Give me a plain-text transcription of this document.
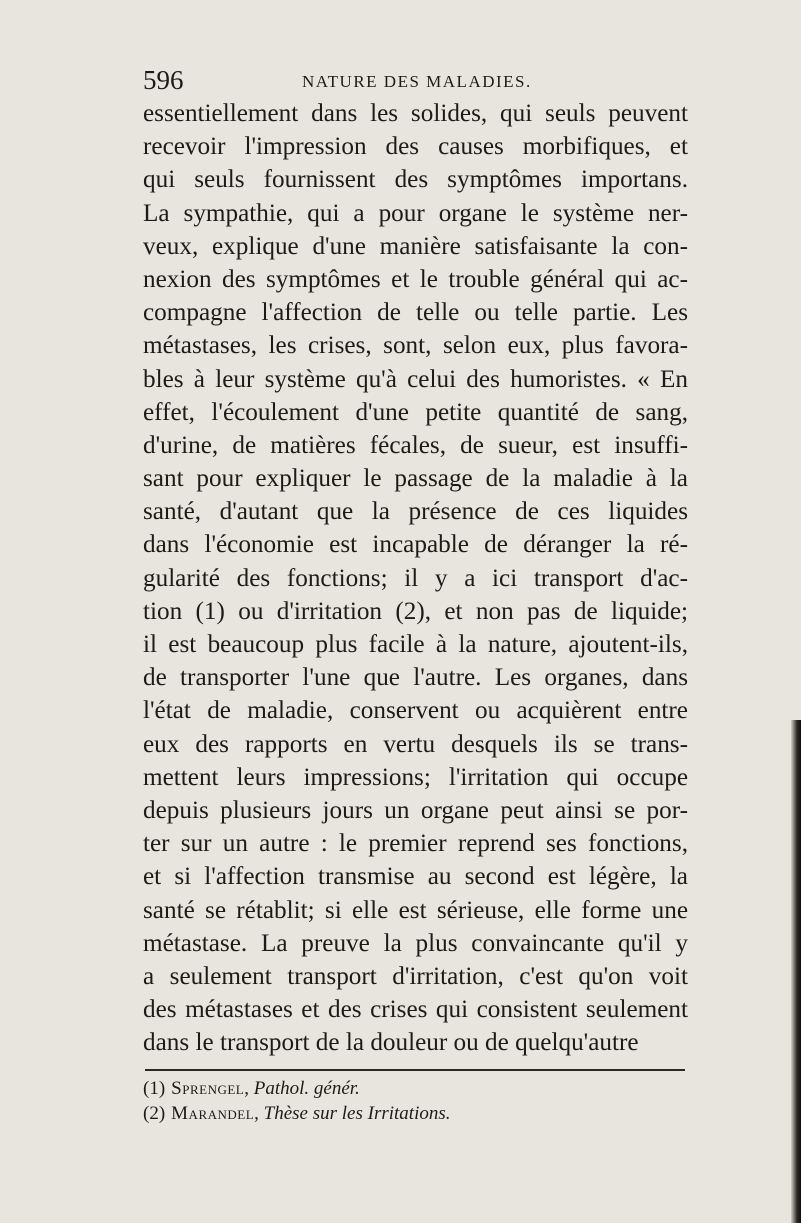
596	NATURE DES MALADIES.
essentiellement dans les solides, qui seuls peuvent
recevoir l'impression des causes morbifiques, et
qui seuls fournissent des symptômes importans.
La sympathie, qui a pour organe le système ner-
veux, explique d'une manière satisfaisante la con-
nexion des symptômes et le trouble général qui ac-
compagne l'affection de telle ou telle partie. Les
métastases, les crises, sont, selon eux, plus favora-
bles à leur système qu'à celui des humoristes. « En
effet, l'écoulement d'une petite quantité de sang,
d'urine, de matières fécales, de sueur, est insuffi-
sant pour expliquer le passage de la maladie à la
santé, d'autant que la présence de ces liquides
dans l'économie est incapable de déranger la ré-
gularité des fonctions; il y a ici transport d'ac-
tion (1) ou d'irritation (2), et non pas de liquide;
il est beaucoup plus facile à la nature, ajoutent-ils,
de transporter l'une que l'autre. Les organes, dans
l'état de maladie, conservent ou acquièrent entre
eux des rapports en vertu desquels ils se trans-
mettent leurs impressions; l'irritation qui occupe
depuis plusieurs jours un organe peut ainsi se por-
ter sur un autre : le premier reprend ses fonctions,
et si l'affection transmise au second est légère, la
santé se rétablit; si elle est sérieuse, elle forme une
métastase. La preuve la plus convaincante qu'il y
a seulement transport d'irritation, c'est qu'on voit
des métastases et des crises qui consistent seulement
dans le transport de la douleur ou de quelqu'autre
(1) Sprengel, Pathol. génér.
(2) Marandel, Thèse sur les Irritations.
